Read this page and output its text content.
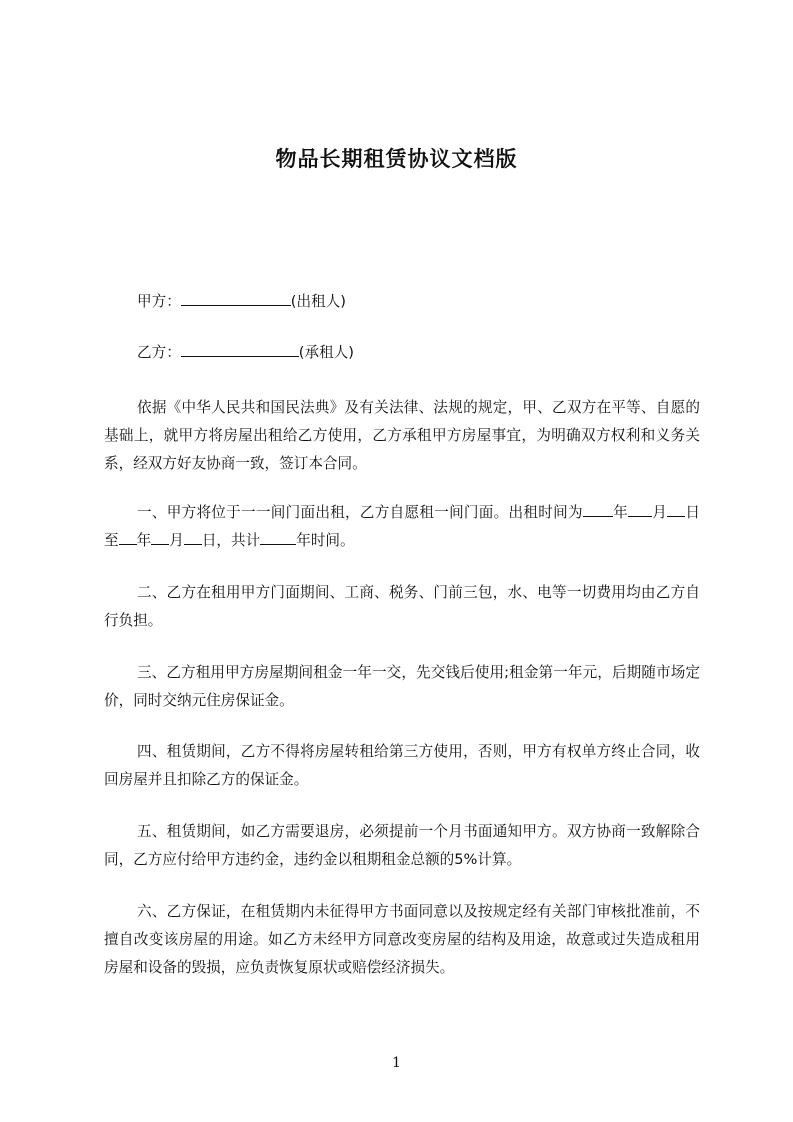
物品长期租赁协议文档版
甲方：	(出租人)
乙方：	(承租人)
依据《中华人民共和国民法典》及有关法律、法规的规定，甲、乙双方在平等、自愿的基础上，就甲方将房屋出租给乙方使用，乙方承租甲方房屋事宜，为明确双方权利和义务关系，经双方好友协商一致，签订本合同。
一、甲方将位于一一间门面出租，乙方自愿租一间门面。出租时间为 年 月 日至 年 月 日，共计 年时间。
二、乙方在租用甲方门面期间、工商、税务、门前三包，水、电等一切费用均由乙方自行负担。
三、乙方租用甲方房屋期间租金一年一交，先交钱后使用;租金第一年元，后期随市场定价，同时交纳元住房保证金。
四、租赁期间，乙方不得将房屋转租给第三方使用，否则，甲方有权单方终止合同，收回房屋并且扣除乙方的保证金。
五、租赁期间，如乙方需要退房，必须提前一个月书面通知甲方。双方协商一致解除合同，乙方应付给甲方违约金，违约金以租期租金总额的5%计算。
六、乙方保证，在租赁期内未征得甲方书面同意以及按规定经有关部门审核批准前，不擅自改变该房屋的用途。如乙方未经甲方同意改变房屋的结构及用途，故意或过失造成租用房屋和设备的毁损，应负责恢复原状或赔偿经济损失。
1
